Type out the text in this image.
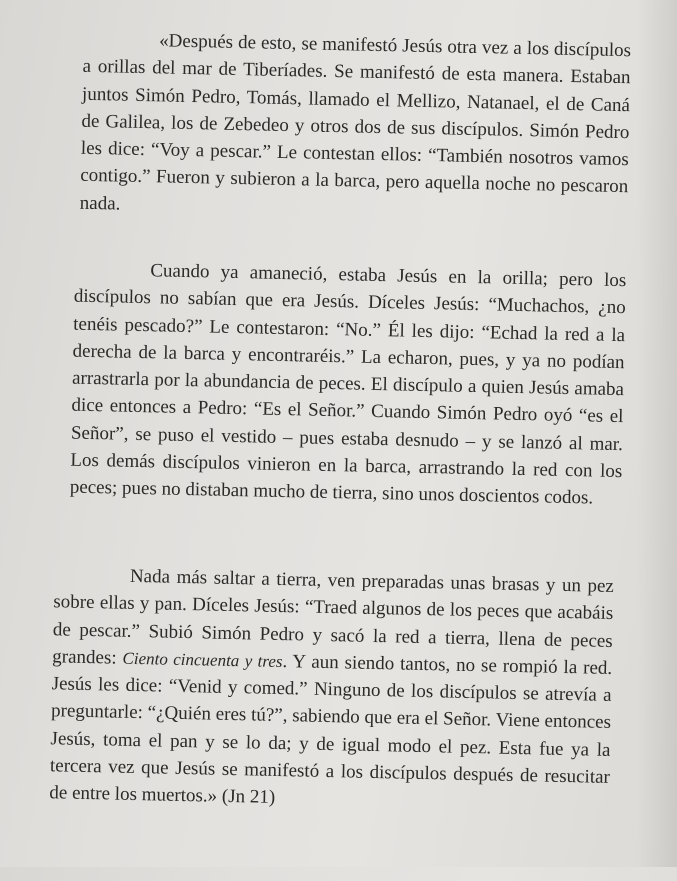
«Después de esto, se manifestó Jesús otra vez a los discípulos a orillas del mar de Tiberíades. Se manifestó de esta manera. Estaban juntos Simón Pedro, Tomás, llamado el Mellizo, Natanael, el de Caná de Galilea, los de Zebedeo y otros dos de sus discípulos. Simón Pedro les dice: “Voy a pescar.” Le contestan ellos: “También nosotros vamos contigo.” Fueron y subieron a la barca, pero aquella noche no pescaron nada.

Cuando ya amaneció, estaba Jesús en la orilla; pero los discípulos no sabían que era Jesús. Díceles Jesús: “Muchachos, ¿no tenéis pescado?” Le contestaron: “No.” Él les dijo: “Echad la red a la derecha de la barca y encontraréis.” La echaron, pues, y ya no podían arrastrarla por la abundancia de peces. El discípulo a quien Jesús amaba dice entonces a Pedro: “Es el Señor.” Cuando Simón Pedro oyó “es el Señor”, se puso el vestido – pues estaba desnudo – y se lanzó al mar. Los demás discípulos vinieron en la barca, arrastrando la red con los peces; pues no distaban mucho de tierra, sino unos doscientos codos.

Nada más saltar a tierra, ven preparadas unas brasas y un pez sobre ellas y pan. Díceles Jesús: “Traed algunos de los peces que acabáis de pescar.” Subió Simón Pedro y sacó la red a tierra, llena de peces grandes: Ciento cincuenta y tres. Y aun siendo tantos, no se rompió la red. Jesús les dice: “Venid y comed.” Ninguno de los discípulos se atrevía a preguntarle: “¿Quién eres tú?”, sabiendo que era el Señor. Viene entonces Jesús, toma el pan y se lo da; y de igual modo el pez. Esta fue ya la tercera vez que Jesús se manifestó a los discípulos después de resucitar de entre los muertos.» (Jn 21)
